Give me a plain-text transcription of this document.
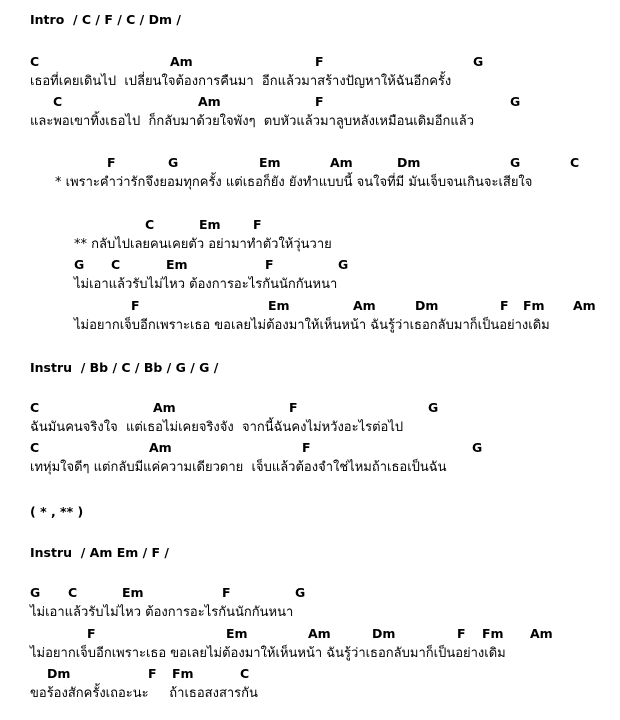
Intro  / C / F / C / Dm /
Instru  / Bb / C / Bb / G / G /
( * , ** )
Instru  / Am Em / F /
C	Am	F	G
เธอที่เคยเดินไป  เปลี่ยนใจต้องการคืนมา  อีกแล้วมาสร้างปัญหาให้ฉันอีกครั้ง
C	Am	F	G
และพอเขาทิ้งเธอไป  ก็กลับมาด้วยใจพังๆ  ตบหัวแล้วมาลูบหลังเหมือนเดิมอีกแล้ว
F	G	Em	Am	Dm	G	C
* เพราะคำว่ารักจึงยอมทุกครั้ง แต่เธอก็ยัง ยังทำแบบนี้ จนใจที่มี มันเจ็บจนเกินจะเสียใจ
C	Em	F
** กลับไปเลยคนเคยตัว อย่ามาทำตัวให้วุ่นวาย
G C	Em	F	G
ไม่เอาแล้วรับไม่ไหว ต้องการอะไรกันนักกันหนา
F	Em	Am	Dm	F Fm Am
ไม่อยากเจ็บอีกเพราะเธอ ขอเลยไม่ต้องมาให้เห็นหน้า ฉันรู้ว่าเธอกลับมาก็เป็นอย่างเดิม
C	Am	F	G
ฉันมันคนจริงใจ  แต่เธอไม่เคยจริงจัง  จากนี้ฉันคงไม่หวังอะไรต่อไป
C	Am	F	G
เทหุ่มใจดีๆ แต่กลับมีแค่ความเดียวดาย  เจ็บแล้วต้องจำใช่ไหมถ้าเธอเป็นฉัน
G C	Em	F	G
ไม่เอาแล้วรับไม่ไหว ต้องการอะไรกันนักกันหนา
F	Em	Am	Dm	F Fm Am
ไม่อยากเจ็บอีกเพราะเธอ ขอเลยไม่ต้องมาให้เห็นหน้า ฉันรู้ว่าเธอกลับมาก็เป็นอย่างเดิม
Dm	F Fm	C
ขอร้องสักครั้งเถอะนะ     ถ้าเธอสงสารกัน
